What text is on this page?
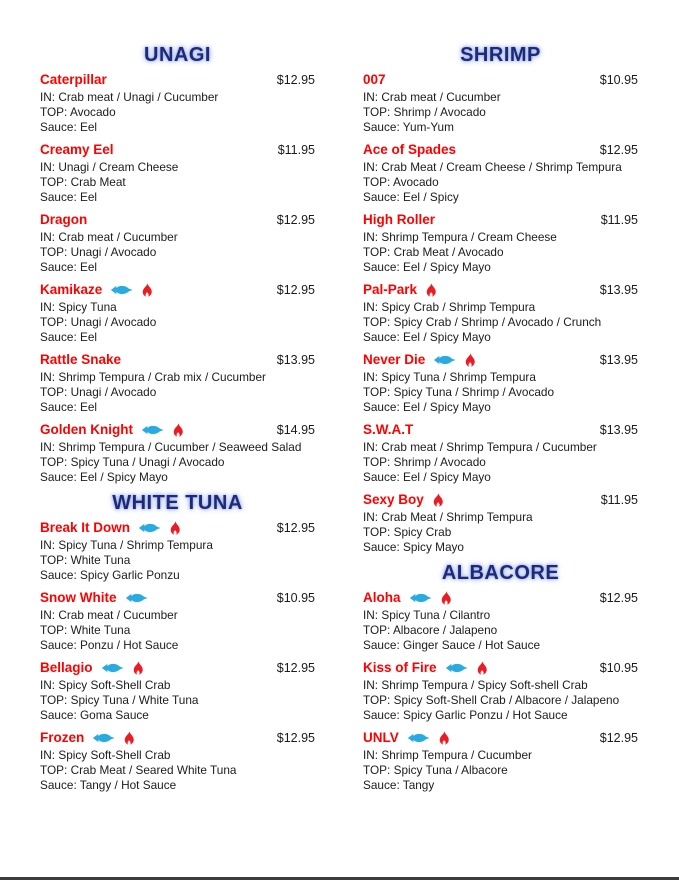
UNAGI
Caterpillar	$12.95
IN: Crab meat / Unagi / Cucumber
TOP: Avocado
Sauce: Eel
Creamy Eel	$11.95
IN: Unagi / Cream Cheese
TOP: Crab Meat
Sauce: Eel
Dragon	$12.95
IN: Crab meat / Cucumber
TOP: Unagi / Avocado
Sauce: Eel
Kamikaze	$12.95
IN: Spicy Tuna
TOP: Unagi / Avocado
Sauce: Eel
Rattle Snake	$13.95
IN: Shrimp Tempura / Crab mix / Cucumber
TOP: Unagi / Avocado
Sauce: Eel
Golden Knight	$14.95
IN: Shrimp Tempura / Cucumber / Seaweed Salad
TOP: Spicy Tuna / Unagi / Avocado
Sauce: Eel / Spicy Mayo
WHITE TUNA
Break It Down	$12.95
IN: Spicy Tuna / Shrimp Tempura
TOP: White Tuna
Sauce: Spicy Garlic Ponzu
Snow White	$10.95
IN: Crab meat / Cucumber
TOP: White Tuna
Sauce: Ponzu / Hot Sauce
Bellagio	$12.95
IN: Spicy Soft-Shell Crab
TOP: Spicy Tuna / White Tuna
Sauce: Goma Sauce
Frozen	$12.95
IN: Spicy Soft-Shell Crab
TOP: Crab Meat / Seared White Tuna
Sauce: Tangy / Hot Sauce
SHRIMP
007	$10.95
IN: Crab meat / Cucumber
TOP: Shrimp / Avocado
Sauce: Yum-Yum
Ace of Spades	$12.95
IN: Crab Meat / Cream Cheese / Shrimp Tempura
TOP: Avocado
Sauce: Eel / Spicy
High Roller	$11.95
IN: Shrimp Tempura / Cream Cheese
TOP: Crab Meat / Avocado
Sauce: Eel / Spicy Mayo
Pal-Park	$13.95
IN: Spicy Crab / Shrimp Tempura
TOP: Spicy Crab / Shrimp / Avocado / Crunch
Sauce: Eel / Spicy Mayo
Never Die	$13.95
IN: Spicy Tuna / Shrimp Tempura
TOP: Spicy Tuna / Shrimp / Avocado
Sauce: Eel / Spicy Mayo
S.W.A.T	$13.95
IN: Crab meat / Shrimp Tempura / Cucumber
TOP: Shrimp / Avocado
Sauce: Eel / Spicy Mayo
Sexy Boy	$11.95
IN: Crab Meat / Shrimp Tempura
TOP: Spicy Crab
Sauce: Spicy Mayo
ALBACORE
Aloha	$12.95
IN: Spicy Tuna / Cilantro
TOP: Albacore / Jalapeno
Sauce: Ginger Sauce / Hot Sauce
Kiss of Fire	$10.95
IN: Shrimp Tempura / Spicy Soft-shell Crab
TOP: Spicy Soft-Shell Crab / Albacore / Jalapeno
Sauce: Spicy Garlic Ponzu / Hot Sauce
UNLV	$12.95
IN: Shrimp Tempura / Cucumber
TOP: Spicy Tuna / Albacore
Sauce: Tangy
